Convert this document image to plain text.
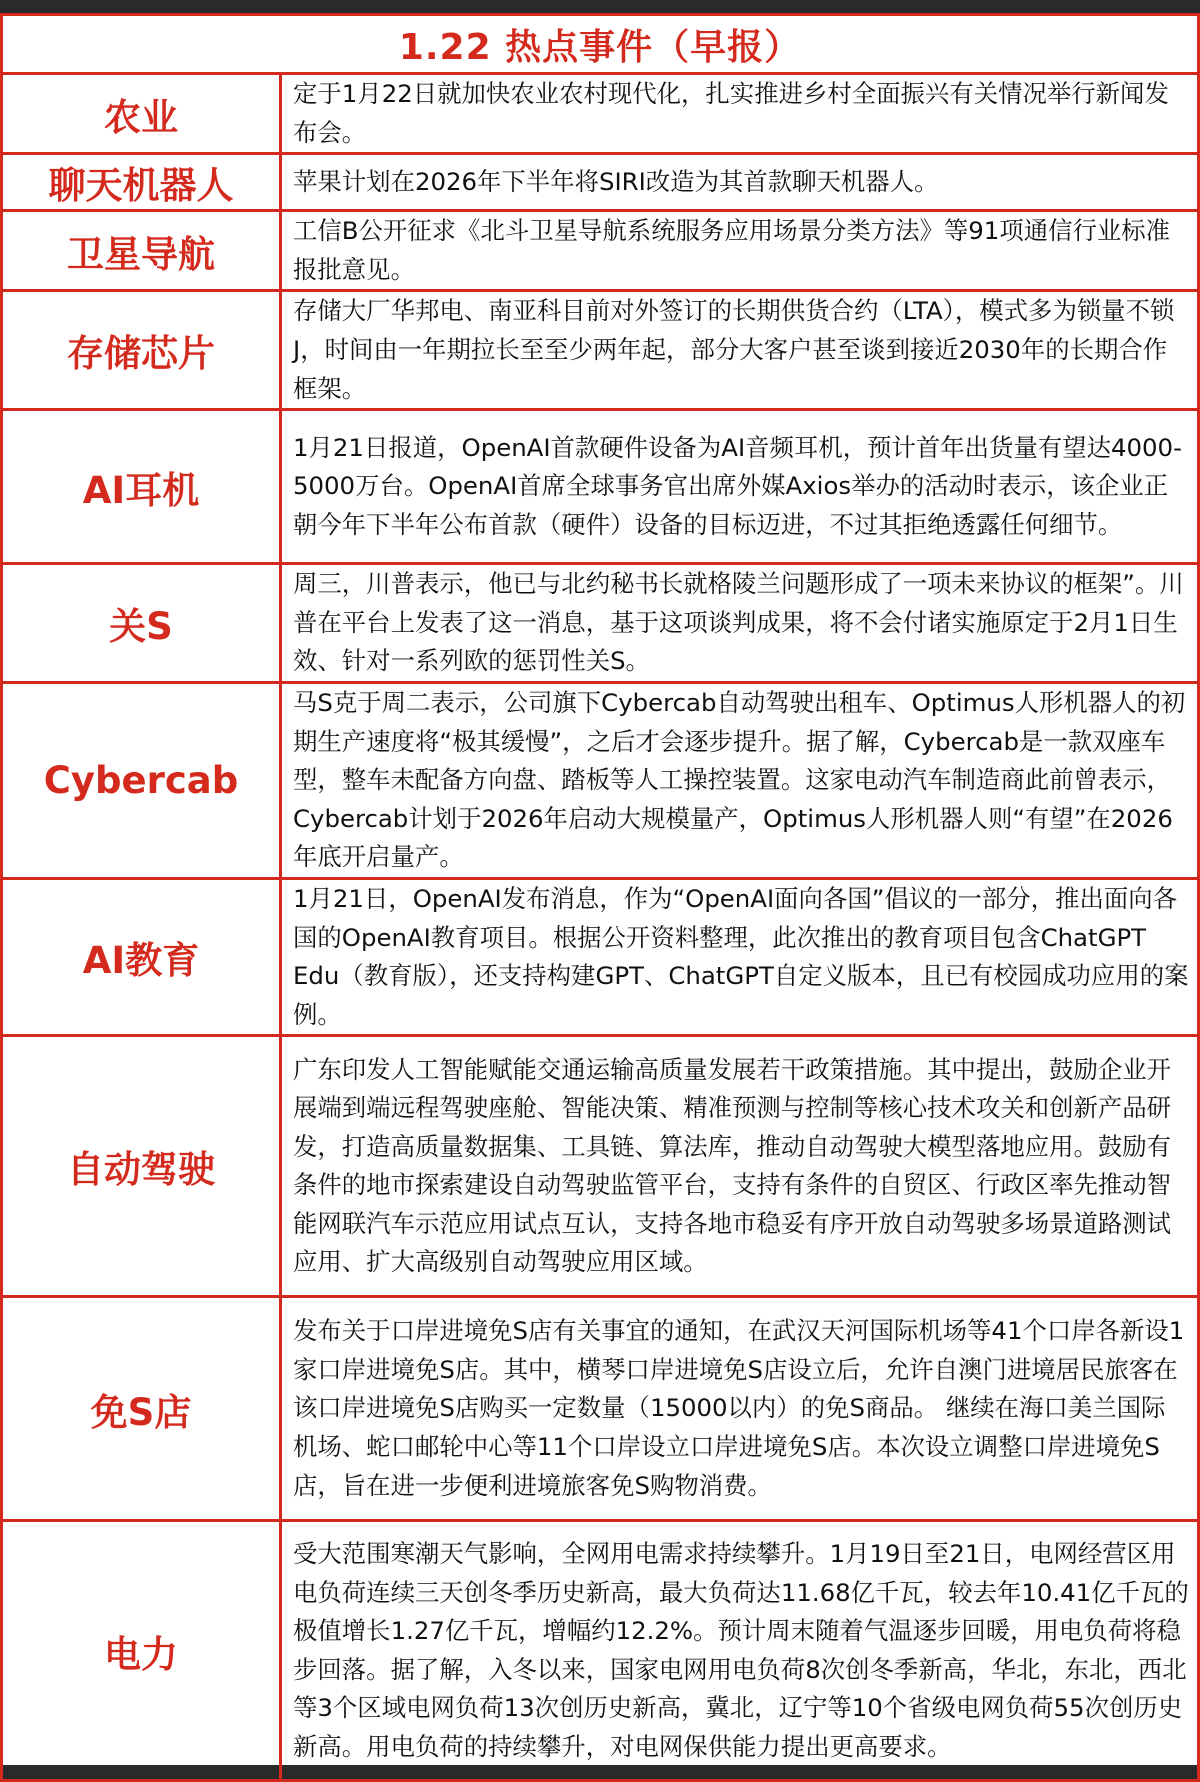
1.22 热点事件（早报）
农业	定于1月22日就加快农业农村现代化，扎实推进乡村全面振兴有关情况举行新闻发布会。
聊天机器人	苹果计划在2026年下半年将SIRI改造为其首款聊天机器人。
卫星导航	工信B公开征求《北斗卫星导航系统服务应用场景分类方法》等91项通信行业标准报批意见。
存储芯片	存储大厂华邦电、南亚科目前对外签订的长期供货合约（LTA），模式多为锁量不锁J，时间由一年期拉长至至少两年起，部分大客户甚至谈到接近2030年的长期合作框架。
AI耳机	1月21日报道，OpenAI首款硬件设备为AI音频耳机，预计首年出货量有望达4000-5000万台。OpenAI首席全球事务官出席外媒Axios举办的活动时表示，该企业正朝今年下半年公布首款（硬件）设备的目标迈进，不过其拒绝透露任何细节。
关S	周三，川普表示，他已与北约秘书长就格陵兰问题形成了一项未来协议的框架”。川普在平台上发表了这一消息，基于这项谈判成果，将不会付诸实施原定于2月1日生效、针对一系列欧的惩罚性关S。
Cybercab	马S克于周二表示，公司旗下Cybercab自动驾驶出租车、Optimus人形机器人的初期生产速度将“极其缓慢”，之后才会逐步提升。据了解，Cybercab是一款双座车型，整车未配备方向盘、踏板等人工操控装置。这家电动汽车制造商此前曾表示，Cybercab计划于2026年启动大规模量产，Optimus人形机器人则“有望”在2026年底开启量产。
AI教育	1月21日，OpenAI发布消息，作为“OpenAI面向各国”倡议的一部分，推出面向各国的OpenAI教育项目。根据公开资料整理，此次推出的教育项目包含ChatGPT Edu（教育版），还支持构建GPT、ChatGPT自定义版本，且已有校园成功应用的案例。
自动驾驶	广东印发人工智能赋能交通运输高质量发展若干政策措施。其中提出，鼓励企业开展端到端远程驾驶座舱、智能决策、精准预测与控制等核心技术攻关和创新产品研发，打造高质量数据集、工具链、算法库，推动自动驾驶大模型落地应用。鼓励有条件的地市探索建设自动驾驶监管平台，支持有条件的自贸区、行政区率先推动智能网联汽车示范应用试点互认，支持各地市稳妥有序开放自动驾驶多场景道路测试应用、扩大高级别自动驾驶应用区域。
免S店	发布关于口岸进境免S店有关事宜的通知，在武汉天河国际机场等41个口岸各新设1家口岸进境免S店。其中，横琴口岸进境免S店设立后，允许自澳门进境居民旅客在该口岸进境免S店购买一定数量（15000以内）的免S商品。 继续在海口美兰国际机场、蛇口邮轮中心等11个口岸设立口岸进境免S店。本次设立调整口岸进境免S店，旨在进一步便利进境旅客免S购物消费。
电力	受大范围寒潮天气影响，全网用电需求持续攀升。1月19日至21日，电网经营区用电负荷连续三天创冬季历史新高，最大负荷达11.68亿千瓦，较去年10.41亿千瓦的极值增长1.27亿千瓦，增幅约12.2%。预计周末随着气温逐步回暖，用电负荷将稳步回落。据了解，入冬以来，国家电网用电负荷8次创冬季新高，华北，东北，西北等3个区域电网负荷13次创历史新高，冀北，辽宁等10个省级电网负荷55次创历史新高。用电负荷的持续攀升，对电网保供能力提出更高要求。
